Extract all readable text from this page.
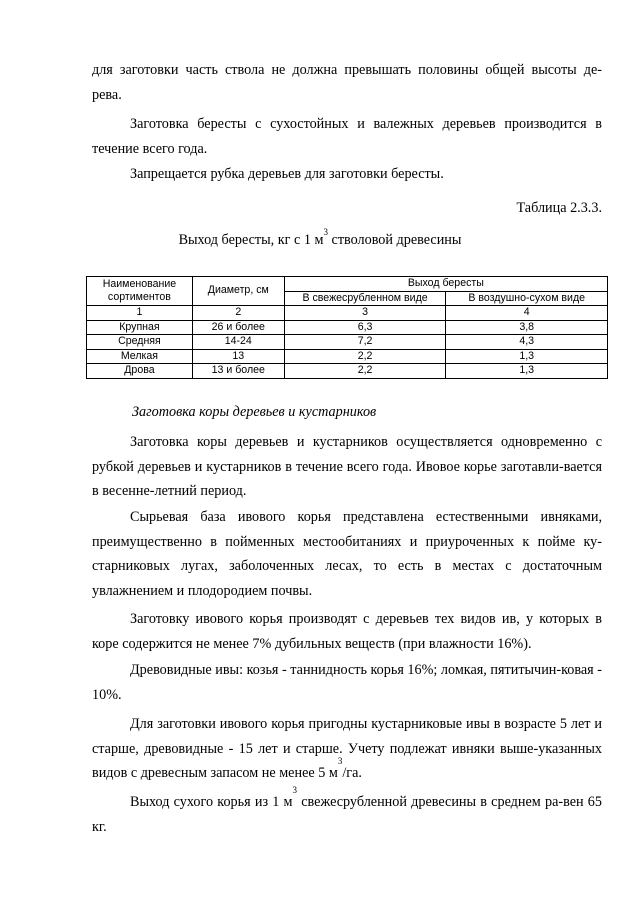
для заготовки часть ствола не должна превышать половины общей высоты де-
рева.
Заготовка бересты с сухостойных и валежных деревьев производится в течение всего года.
Запрещается рубка деревьев для заготовки бересты.
Таблица 2.3.3.
Выход бересты, кг с 1 $м^3$ стволовой древесины
Наименование сортиментов	Диаметр, см	Выход бересты	
		В свежесрубленном виде	В воздушно-сухом виде
1	2	3	4
Крупная	26 и более	6,3	3,8
Средняя	14-24	7,2	4,3
Мелкая	13	2,2	1,3
Дрова	13 и более	2,2	1,3
Заготовка коры деревьев и кустарников
Заготовка коры деревьев и кустарников осуществляется одновременно с рубкой деревьев и кустарников в течение всего года. Ивовое корье заготавли-вается в весенне-летний период.
Сырьевая база ивового корья представлена естественными ивняками, преимущественно в пойменных местообитаниях и приуроченных к пойме ку-старниковых лугах, заболоченных лесах, то есть в местах с достаточным увлажнением и плодородием почвы.
Заготовку ивового корья производят с деревьев тех видов ив, у которых в коре содержится не менее 7% дубильных веществ (при влажности 16%).
Древовидные ивы: козья - таннидность корья 16%; ломкая, пятитычин-ковая - 10%.
Для заготовки ивового корья пригодны кустарниковые ивы в возрасте 5 лет и старше, древовидные - 15 лет и старше. Учету подлежат ивняки выше-указанных видов с древесным запасом не менее 5 $м^3/га$.
Выход сухого корья из 1 $м^3$ свежесрубленной древесины в среднем ра-вен 65 кг.
